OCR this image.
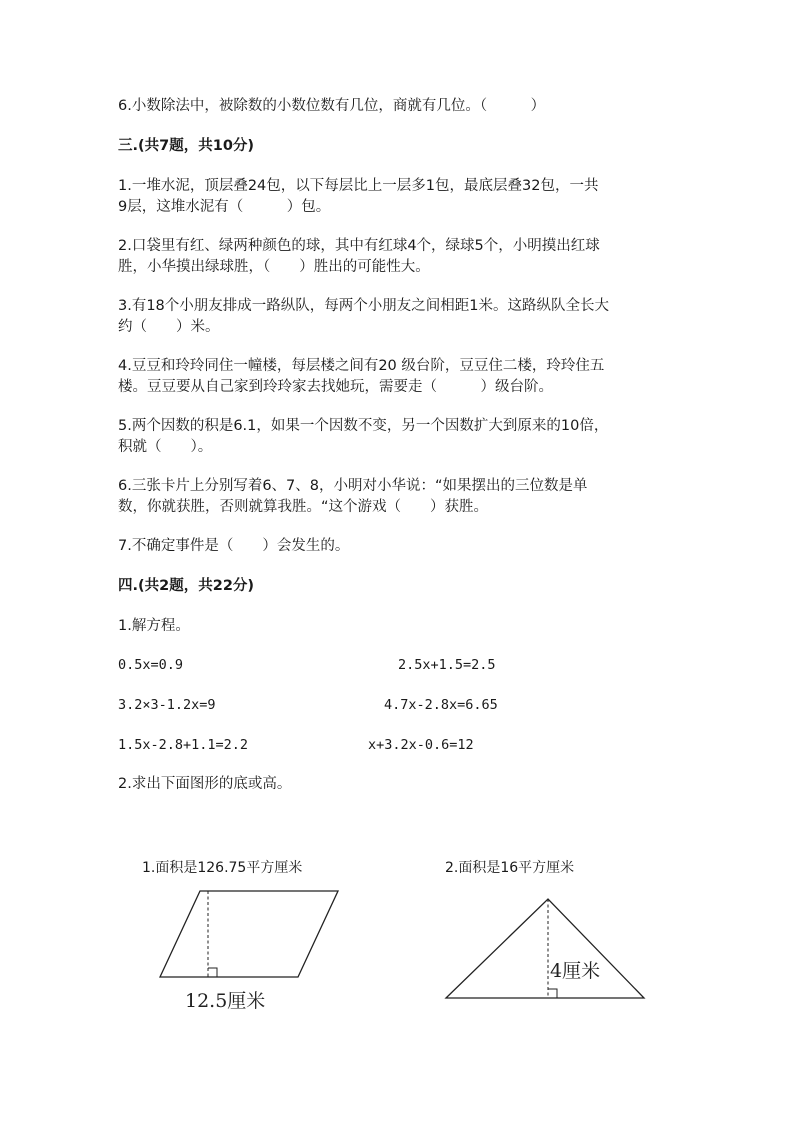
6.小数除法中，被除数的小数位数有几位，商就有几位。（　　　）
三.(共7题，共10分)
1.一堆水泥，顶层叠24包，以下每层比上一层多1包，最底层叠32包，一共
9层，这堆水泥有（　　　）包。
2.口袋里有红、绿两种颜色的球，其中有红球4个，绿球5个，小明摸出红球
胜，小华摸出绿球胜，（　　）胜出的可能性大。
3.有18个小朋友排成一路纵队，每两个小朋友之间相距1米。这路纵队全长大
约（　　）米。
4.豆豆和玲玲同住一幢楼，每层楼之间有20 级台阶，豆豆住二楼，玲玲住五
楼。豆豆要从自己家到玲玲家去找她玩，需要走（　　　）级台阶。
5.两个因数的积是6.1，如果一个因数不变，另一个因数扩大到原来的10倍，
积就（　　）。
6.三张卡片上分别写着6、7、8，小明对小华说：“如果摆出的三位数是单
数，你就获胜，否则就算我胜。“这个游戏（　　）获胜。
7.不确定事件是（　　）会发生的。
四.(共2题，共22分)
1.解方程。
0.5x=0.9	2.5x+1.5=2.5
3.2×3-1.2x=9	4.7x-2.8x=6.65
1.5x-2.8+1.1=2.2	x+3.2x-0.6=12
2.求出下面图形的底或高。
1.面积是126.75平方厘米
12.5厘米
2.面积是16平方厘米
4厘米
